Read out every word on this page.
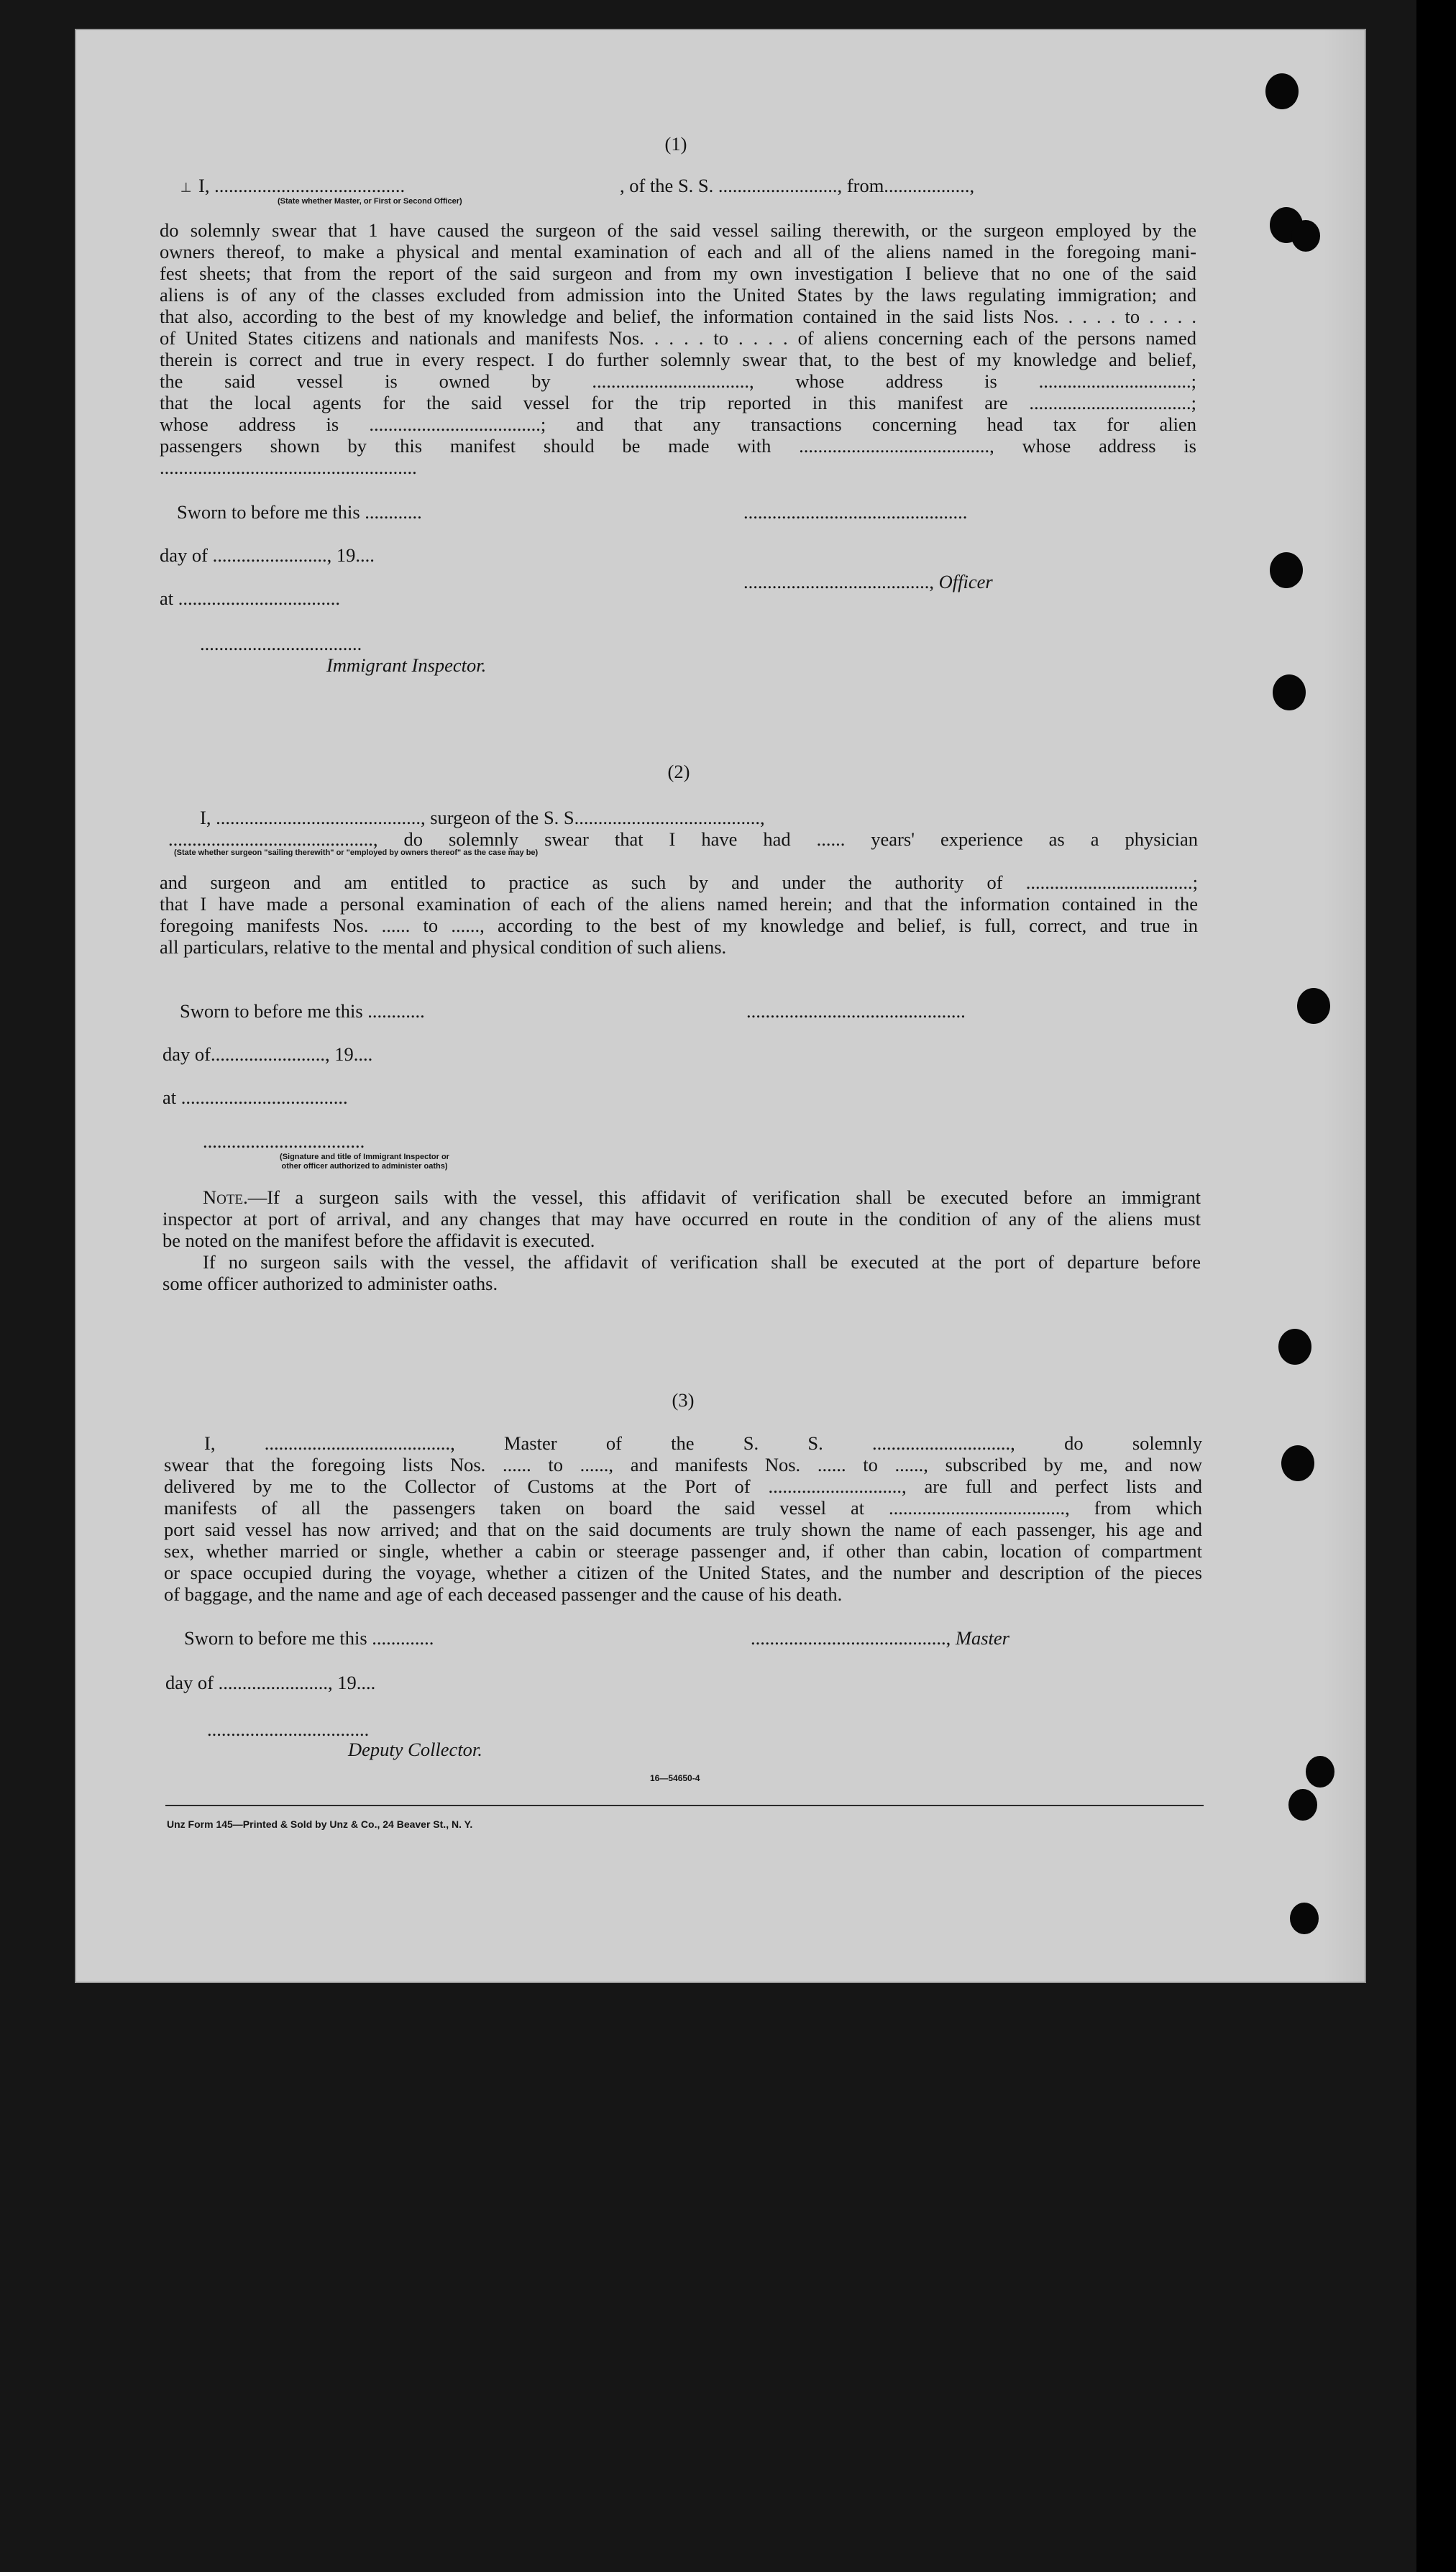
(1)
⟂ I, ........................................
(State whether Master, or First or Second Officer)
, of the S. S. ........................., from..................,
do solemnly swear that 1 have caused the surgeon of the said vessel sailing therewith, or the surgeon employed by the
owners thereof, to make a physical and mental examination of each and all of the aliens named in the foregoing mani-
fest sheets; that from the report of the said surgeon and from my own investigation I believe that no one of the said
aliens is of any of the classes excluded from admission into the United States by the laws regulating immigration; and
that also, according to the best of my knowledge and belief, the information contained in the said lists Nos. . . . . to . . . .
of United States citizens and nationals and manifests Nos. . . . . to . . . . of aliens concerning each of the persons named
therein is correct and true in every respect. I do further solemnly swear that, to the best of my knowledge and belief,
the said vessel is owned by ................................., whose address is ................................;
that the local agents for the said vessel for the trip reported in this manifest are ..................................;
whose address is ....................................; and that any transactions concerning head tax for alien
passengers shown by this manifest should be made with ........................................, whose address is
......................................................
Sworn to before me this ............	...............................................
day of ........................, 19....
......................................., Officer
at ..................................
..................................
Immigrant Inspector.
(2)
I, ..........................................., surgeon of the S. S.......................................,
..........................................., do solemnly swear that I have had ...... years' experience as a physician
(State whether surgeon "sailing therewith" or "employed by owners thereof" as the case may be)
and surgeon and am entitled to practice as such by and under the authority of ...................................;
that I have made a personal examination of each of the aliens named herein; and that the information contained in the
foregoing manifests Nos. ...... to ......, according to the best of my knowledge and belief, is full, correct, and true in
all particulars, relative to the mental and physical condition of such aliens.
Sworn to before me this ............	..............................................
day of........................, 19....
at ...................................
..................................
(Signature and title of Immigrant Inspector or
other officer authorized to administer oaths)
Note.—If a surgeon sails with the vessel, this affidavit of verification shall be executed before an immigrant
inspector at port of arrival, and any changes that may have occurred en route in the condition of any of the aliens must
be noted on the manifest before the affidavit is executed.
If no surgeon sails with the vessel, the affidavit of verification shall be executed at the port of departure before
some officer authorized to administer oaths.
(3)
I, ......................................., Master of the S. S. ............................., do solemnly
swear that the foregoing lists Nos. ...... to ......, and manifests Nos. ...... to ......, subscribed by me, and now
delivered by me to the Collector of Customs at the Port of ............................, are full and perfect lists and
manifests of all the passengers taken on board the said vessel at ....................................., from which
port said vessel has now arrived; and that on the said documents are truly shown the name of each passenger, his age and
sex, whether married or single, whether a cabin or steerage passenger and, if other than cabin, location of compartment
or space occupied during the voyage, whether a citizen of the United States, and the number and description of the pieces
of baggage, and the name and age of each deceased passenger and the cause of his death.
Sworn to before me this .............	........................................., Master
day of ......................., 19....
..................................
Deputy Collector.
16—54650-4
Unz Form 145—Printed & Sold by Unz & Co., 24 Beaver St., N. Y.
